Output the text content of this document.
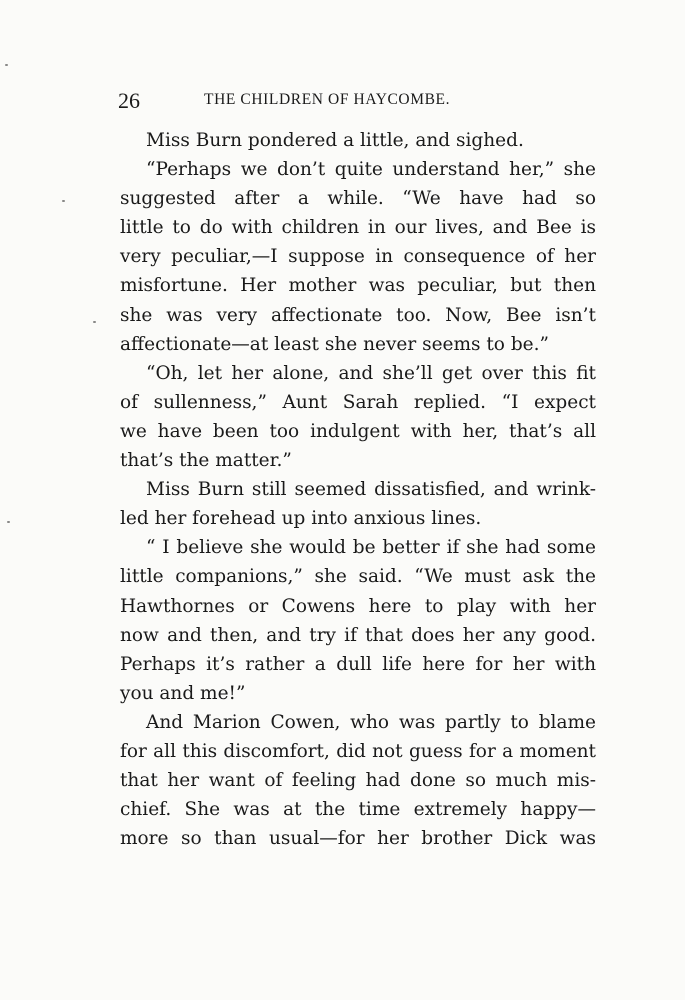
26	THE CHILDREN OF HAYCOMBE.
Miss Burn pondered a little, and sighed.
“Perhaps we don’t quite understand her,” she
suggested after a while. “We have had so
little to do with children in our lives, and Bee is
very peculiar,—I suppose in consequence of her
misfortune. Her mother was peculiar, but then
she was very affectionate too. Now, Bee isn’t
affectionate—at least she never seems to be.”
“Oh, let her alone, and she’ll get over this fit
of sullenness,” Aunt Sarah replied. “I expect
we have been too indulgent with her, that’s all
that’s the matter.”
Miss Burn still seemed dissatisfied, and wrink-
led her forehead up into anxious lines.
“ I believe she would be better if she had some
little companions,” she said. “We must ask the
Hawthornes or Cowens here to play with her
now and then, and try if that does her any good.
Perhaps it’s rather a dull life here for her with
you and me!”
And Marion Cowen, who was partly to blame
for all this discomfort, did not guess for a moment
that her want of feeling had done so much mis-
chief. She was at the time extremely happy—
more so than usual—for her brother Dick was
